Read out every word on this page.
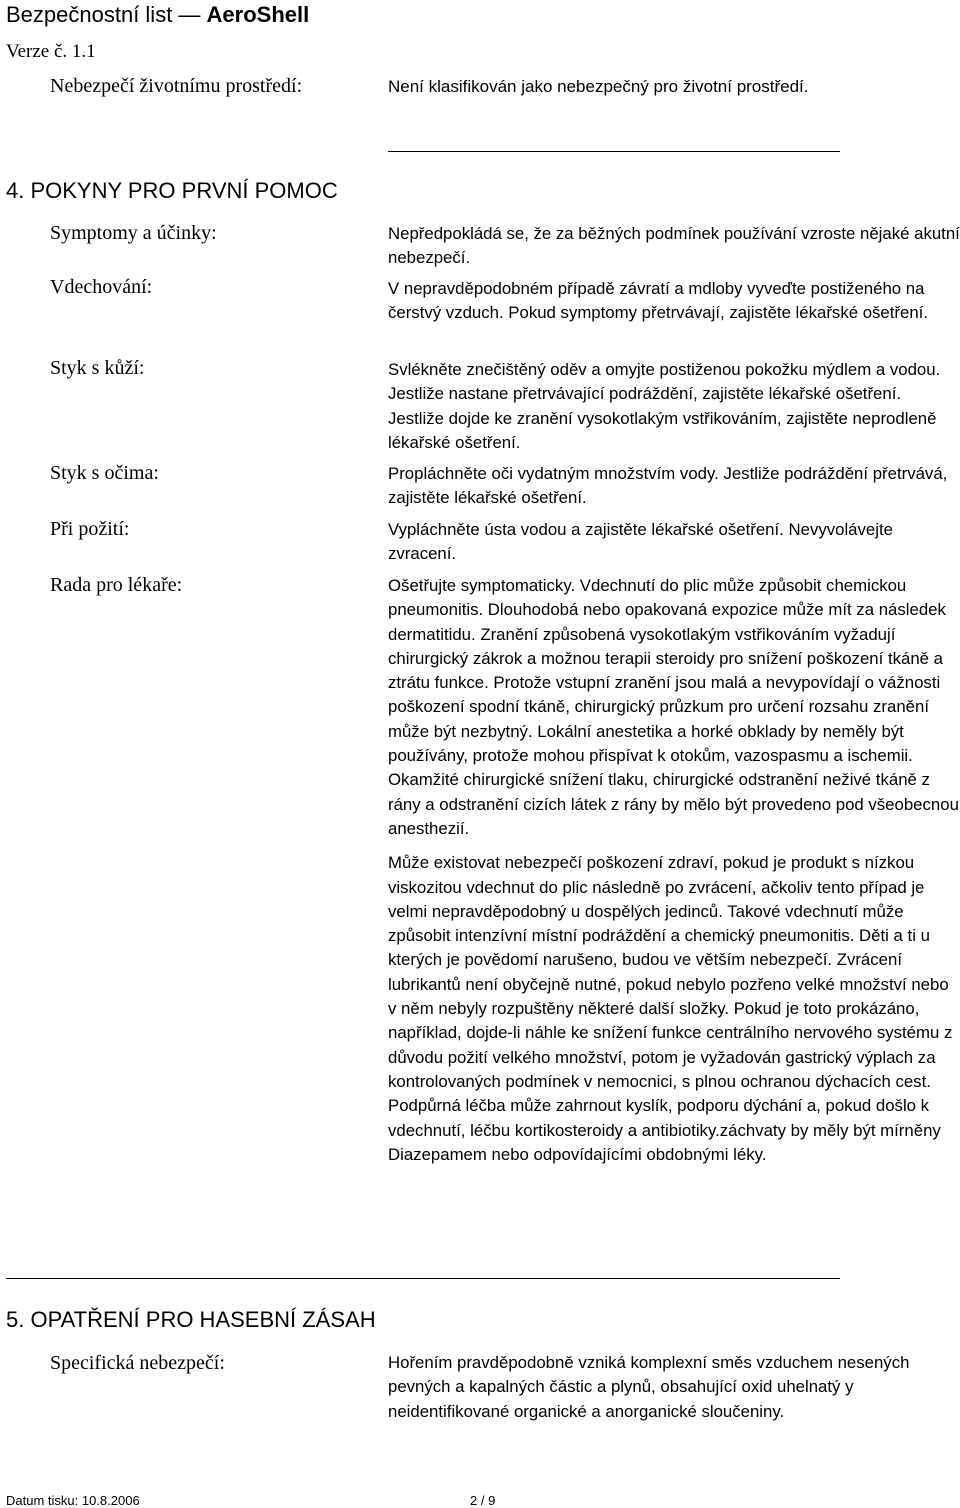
Bezpečnostní list — AeroShell
Verze č. 1.1
Nebezpečí životnímu prostředí:	Není klasifikován jako nebezpečný pro životní prostředí.
4. POKYNY PRO PRVNÍ POMOC
Symptomy a účinky:	Nepředpokládá se, že za běžných podmínek používání vzroste nějaké akutní nebezpečí.

Vdechování:	V nepravděpodobném případě závratí a mdloby vyveďte postiženého na čerstvý vzduch. Pokud symptomy přetrvávají, zajistěte lékařské ošetření.

Styk s kůží:	Svlékněte znečištěný oděv a omyjte postiženou pokožku mýdlem a vodou. Jestliže nastane přetrvávající podráždění, zajistěte lékařské ošetření. Jestliže dojde ke zranění vysokotlakým vstřikováním, zajistěte neprodleně lékařské ošetření.

Styk s očima:	Propláchněte oči vydatným množstvím vody. Jestliže podráždění přetrvává, zajistěte lékařské ošetření.

Při požití:	Vypláchněte ústa vodou a zajistěte lékařské ošetření. Nevyvolávejte zvracení.

Rada pro lékaře:	Ošetřujte symptomaticky. Vdechnutí do plic může způsobit chemickou pneumonitis. Dlouhodobá nebo opakovaná expozice může mít za následek dermatitidu. Zranění způsobená vysokotlakým vstřikováním vyžadují chirurgický zákrok a možnou terapii steroidy pro snížení poškození tkáně a ztrátu funkce. Protože vstupní zranění jsou malá a nevypovídají o vážnosti poškození spodní tkáně, chirurgický průzkum pro určení rozsahu zranění může být nezbytný. Lokální anestetika a horké obklady by neměly být používány, protože mohou přispívat k otokům, vazospasmu a ischemii. Okamžité chirurgické snížení tlaku, chirurgické odstranění neživé tkáně z rány a odstranění cizích látek z rány by mělo být provedeno pod všeobecnou anesthezií.

Může existovat nebezpečí poškození zdraví, pokud je produkt s nízkou viskozitou vdechnut do plic následně po zvrácení, ačkoliv tento případ je velmi nepravděpodobný u dospělých jedinců. Takové vdechnutí může způsobit intenzívní místní podráždění a chemický pneumonitis. Děti a ti u kterých je povědomí narušeno, budou ve větším nebezpečí. Zvrácení lubrikantů není obyčejně nutné, pokud nebylo pozřeno velké množství nebo v něm nebyly rozpuštěny některé další složky. Pokud je toto prokázáno, například, dojde-li náhle ke snížení funkce centrálního nervového systému z důvodu požití velkého množství, potom je vyžadován gastrický výplach za kontrolovaných podmínek v nemocnici, s plnou ochranou dýchacích cest. Podpůrná léčba může zahrnout kyslík, podporu dýchání a, pokud došlo k vdechnutí, léčbu kortikosteroidy a antibiotiky.záchvaty by měly být mírněny Diazepamem nebo odpovídajícími obdobnými léky.

5. OPATŘENÍ PRO HASEBNÍ ZÁSAH
Specifická nebezpečí:	Hořením pravděpodobně vzniká komplexní směs vzduchem nesených pevných a kapalných částic a plynů, obsahující oxid uhelnatý y neidentifikované organické a anorganické sloučeniny.

Datum tisku: 10.8.2006	2 / 9
